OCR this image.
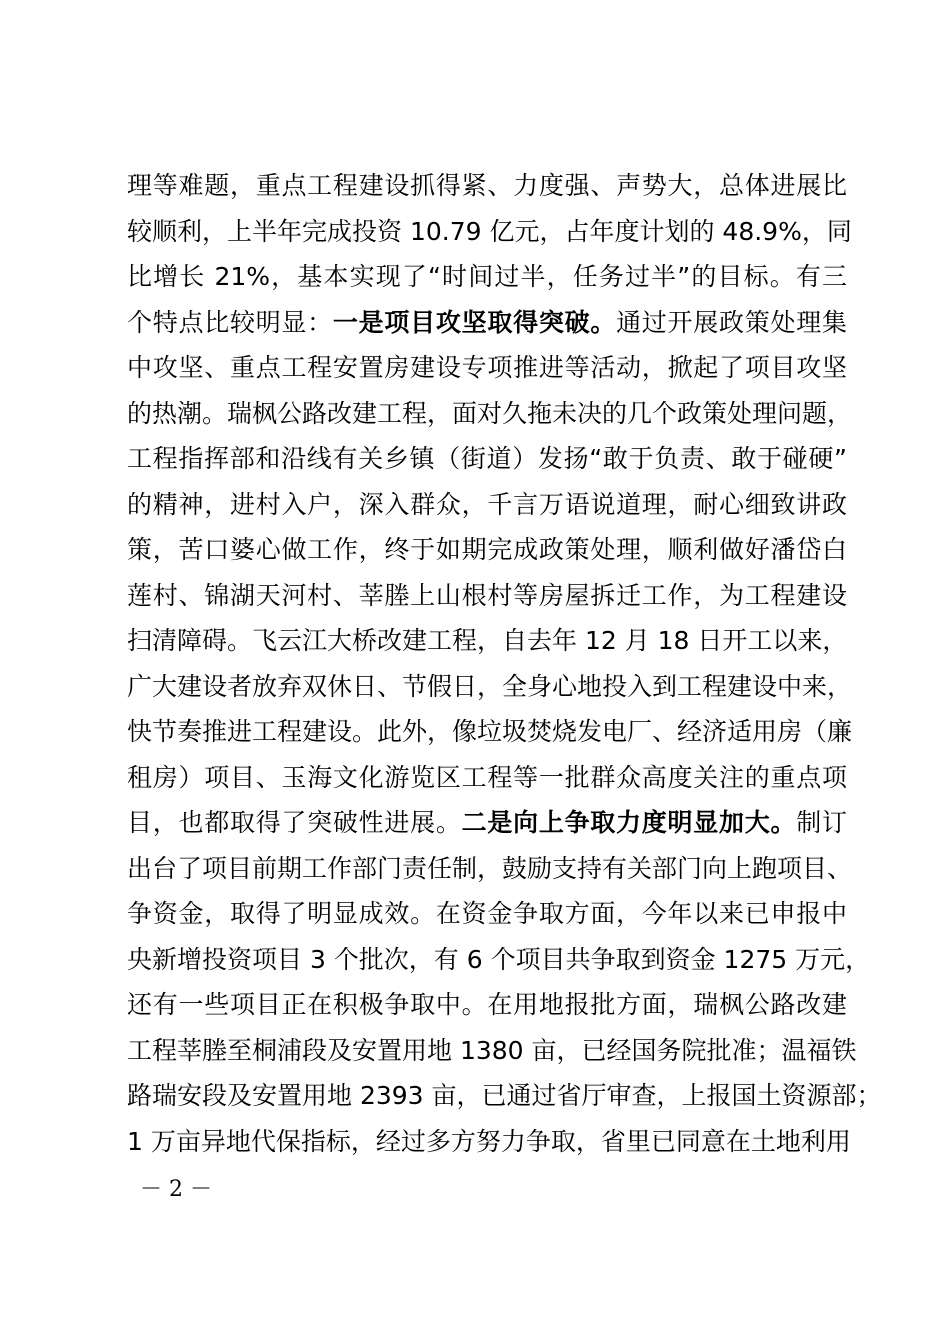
理等难题，重点工程建设抓得紧、力度强、声势大，总体进展比
较顺利，上半年完成投资 10.79 亿元，占年度计划的 48.9%，同
比增长 21%，基本实现了“时间过半，任务过半”的目标。有三
个特点比较明显：一是项目攻坚取得突破。通过开展政策处理集
中攻坚、重点工程安置房建设专项推进等活动，掀起了项目攻坚
的热潮。瑞枫公路改建工程，面对久拖未决的几个政策处理问题，
工程指挥部和沿线有关乡镇（街道）发扬“敢于负责、敢于碰硬”
的精神，进村入户，深入群众，千言万语说道理，耐心细致讲政
策，苦口婆心做工作，终于如期完成政策处理，顺利做好潘岱白
莲村、锦湖天河村、莘塍上山根村等房屋拆迁工作，为工程建设
扫清障碍。飞云江大桥改建工程，自去年 12 月 18 日开工以来，
广大建设者放弃双休日、节假日，全身心地投入到工程建设中来，
快节奏推进工程建设。此外，像垃圾焚烧发电厂、经济适用房（廉
租房）项目、玉海文化游览区工程等一批群众高度关注的重点项
目，也都取得了突破性进展。二是向上争取力度明显加大。制订
出台了项目前期工作部门责任制，鼓励支持有关部门向上跑项目、
争资金，取得了明显成效。在资金争取方面，今年以来已申报中
央新增投资项目 3 个批次，有 6 个项目共争取到资金 1275 万元，
还有一些项目正在积极争取中。在用地报批方面，瑞枫公路改建
工程莘塍至桐浦段及安置用地 1380 亩，已经国务院批准；温福铁
路瑞安段及安置用地 2393 亩，已通过省厅审查，上报国土资源部；
1 万亩异地代保指标，经过多方努力争取，省里已同意在土地利用
－ 2 －
